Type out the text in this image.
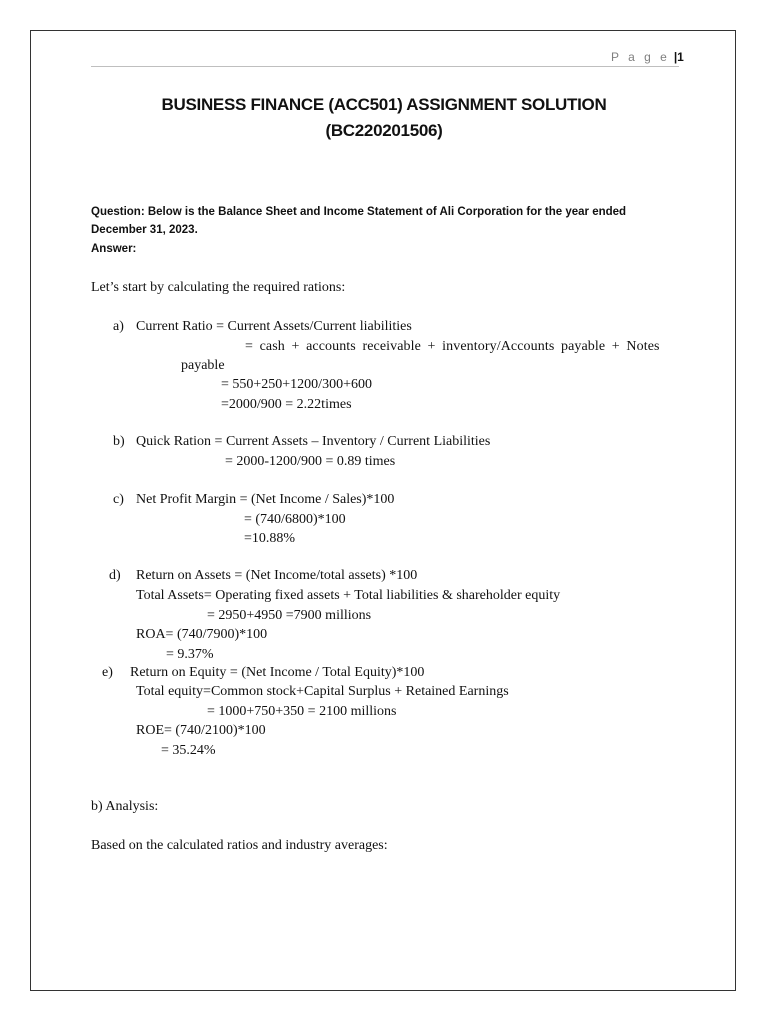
P a g e |1
BUSINESS FINANCE (ACC501) ASSIGNMENT SOLUTION
(BC220201506)
Question: Below is the Balance Sheet and Income Statement of Ali Corporation for the year ended
December 31, 2023.
Answer:
Let’s start by calculating the required rations:
a) Current Ratio = Current Assets/Current liabilities
= cash + accounts receivable + inventory/Accounts payable + Notes
payable
= 550+250+1200/300+600
=2000/900 = 2.22times
b) Quick Ration = Current Assets – Inventory / Current Liabilities
= 2000-1200/900 = 0.89 times
c) Net Profit Margin = (Net Income / Sales)*100
= (740/6800)*100
=10.88%
d) Return on Assets = (Net Income/total assets) *100
Total Assets= Operating fixed assets + Total liabilities & shareholder equity
= 2950+4950 =7900 millions
ROA= (740/7900)*100
= 9.37%
e) Return on Equity = (Net Income / Total Equity)*100
Total equity=Common stock+Capital Surplus + Retained Earnings
= 1000+750+350 = 2100 millions
ROE= (740/2100)*100
= 35.24%
b) Analysis:
Based on the calculated ratios and industry averages:
